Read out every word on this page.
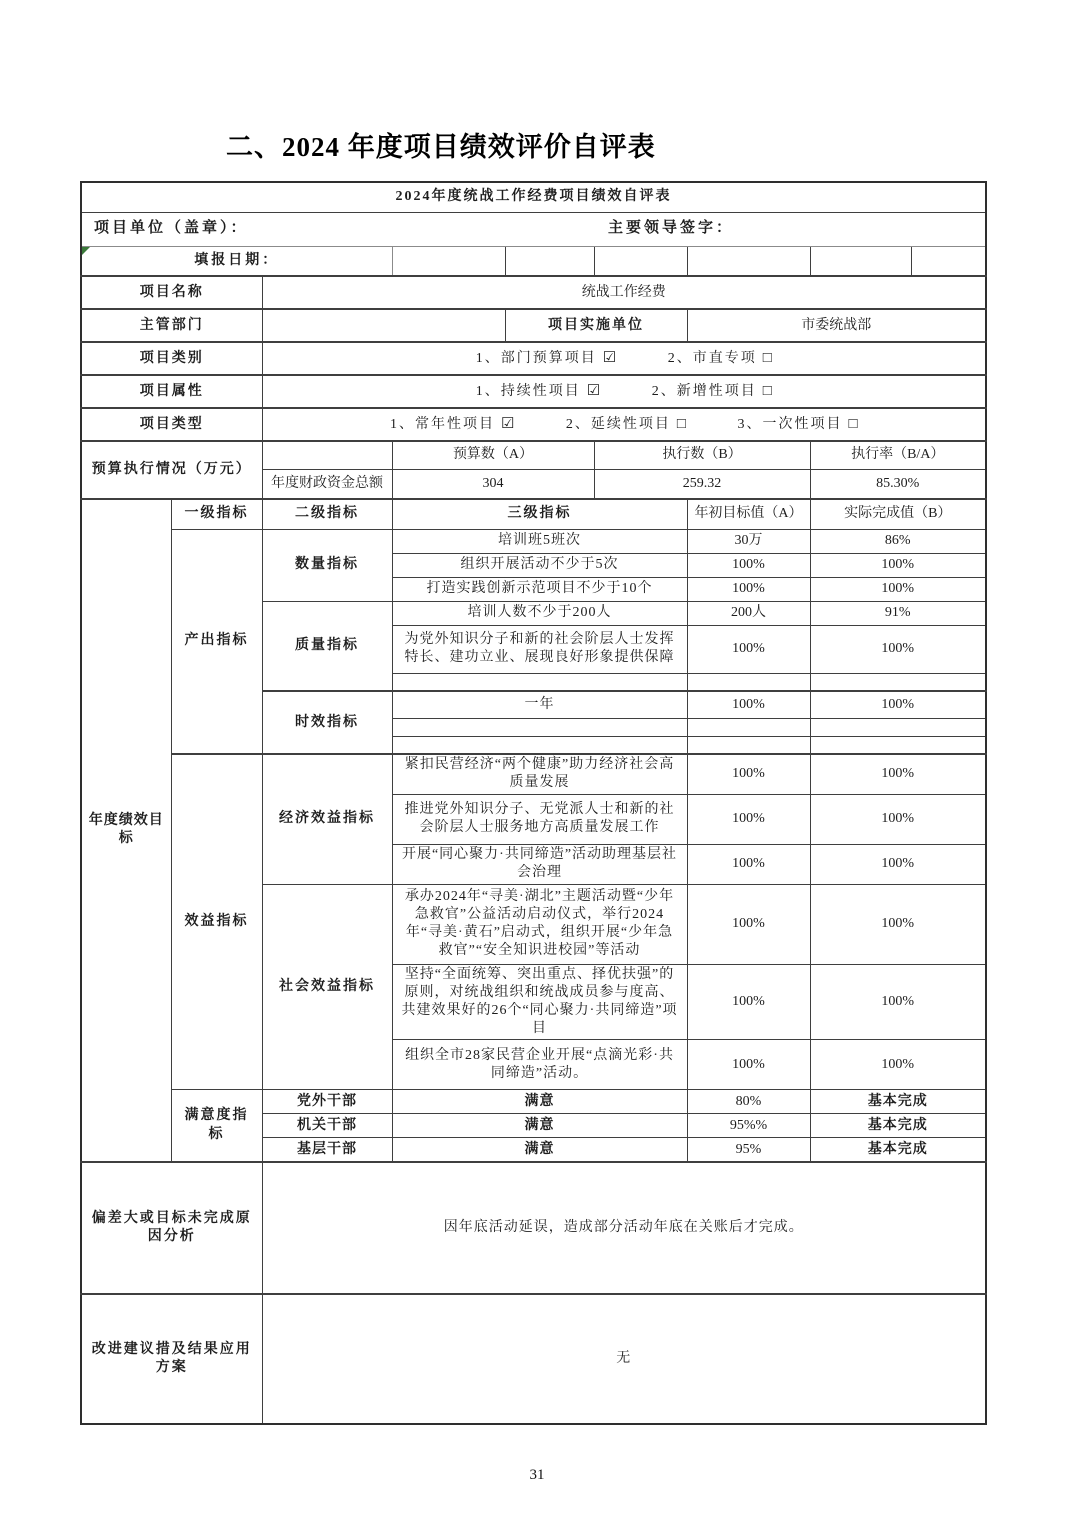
二、2024 年度项目绩效评价自评表
2024年度统战工作经费项目绩效自评表								

项目单位（盖章）： 主要领导签字：								

填报日期：								
项目名称		统战工作经费						
主管部门				项目实施单位		市委统战部		
项目类别		1、部门预算项目 ☑ 2、市直专项 □						
项目属性		1、持续性项目 ☑ 2、新增性项目 □						
项目类型		1、常年性项目 ☑ 2、延续性项目 □ 3、一次性项目 □						
预算执行情况（万元）			预算数（A）		执行数（B）		执行率（B/A）	
		年度财政资金总额	304		259.32		85.30%	
年度绩效目标	一级指标	二级指标	三级指标			年初目标值（A）	实际完成值（B）	
	产出指标	数量指标	培训班5班次			30万	86%	
			组织开展活动不少于5次			100%	100%	
			打造实践创新示范项目不少于10个			100%	100%	
		质量指标	培训人数不少于200人			200人	91%	
			为党外知识分子和新的社会阶层人士发挥特长、建功立业、展现良好形象提供保障			100%	100%	

		时效指标	一年			100%	100%	

	效益指标	经济效益指标	紧扣民营经济“两个健康”助力经济社会高质量发展			100%	100%	
			推进党外知识分子、无党派人士和新的社会阶层人士服务地方高质量发展工作			100%	100%	
			开展“同心聚力·共同缔造”活动助理基层社会治理			100%	100%	
		社会效益指标	承办2024年“寻美·湖北”主题活动暨“少年急救官”公益活动启动仪式，举行2024年“寻美·黄石”启动式，组织开展“少年急救官”“安全知识进校园”等活动			100%	100%	
			坚持“全面统筹、突出重点、择优扶强”的原则，对统战组织和统战成员参与度高、共建效果好的26个“同心聚力·共同缔造”项目			100%	100%	
			组织全市28家民营企业开展“点滴光彩·共同缔造”活动。			100%	100%	
	满意度指标	党外干部	满意			80%	基本完成	
		机关干部	满意			95%%	基本完成	
		基层干部	满意			95%	基本完成	
偏差大或目标未完成原因分析		因年底活动延误，造成部分活动年底在关账后才完成。						
改进建议措及结果应用方案		无						
31
